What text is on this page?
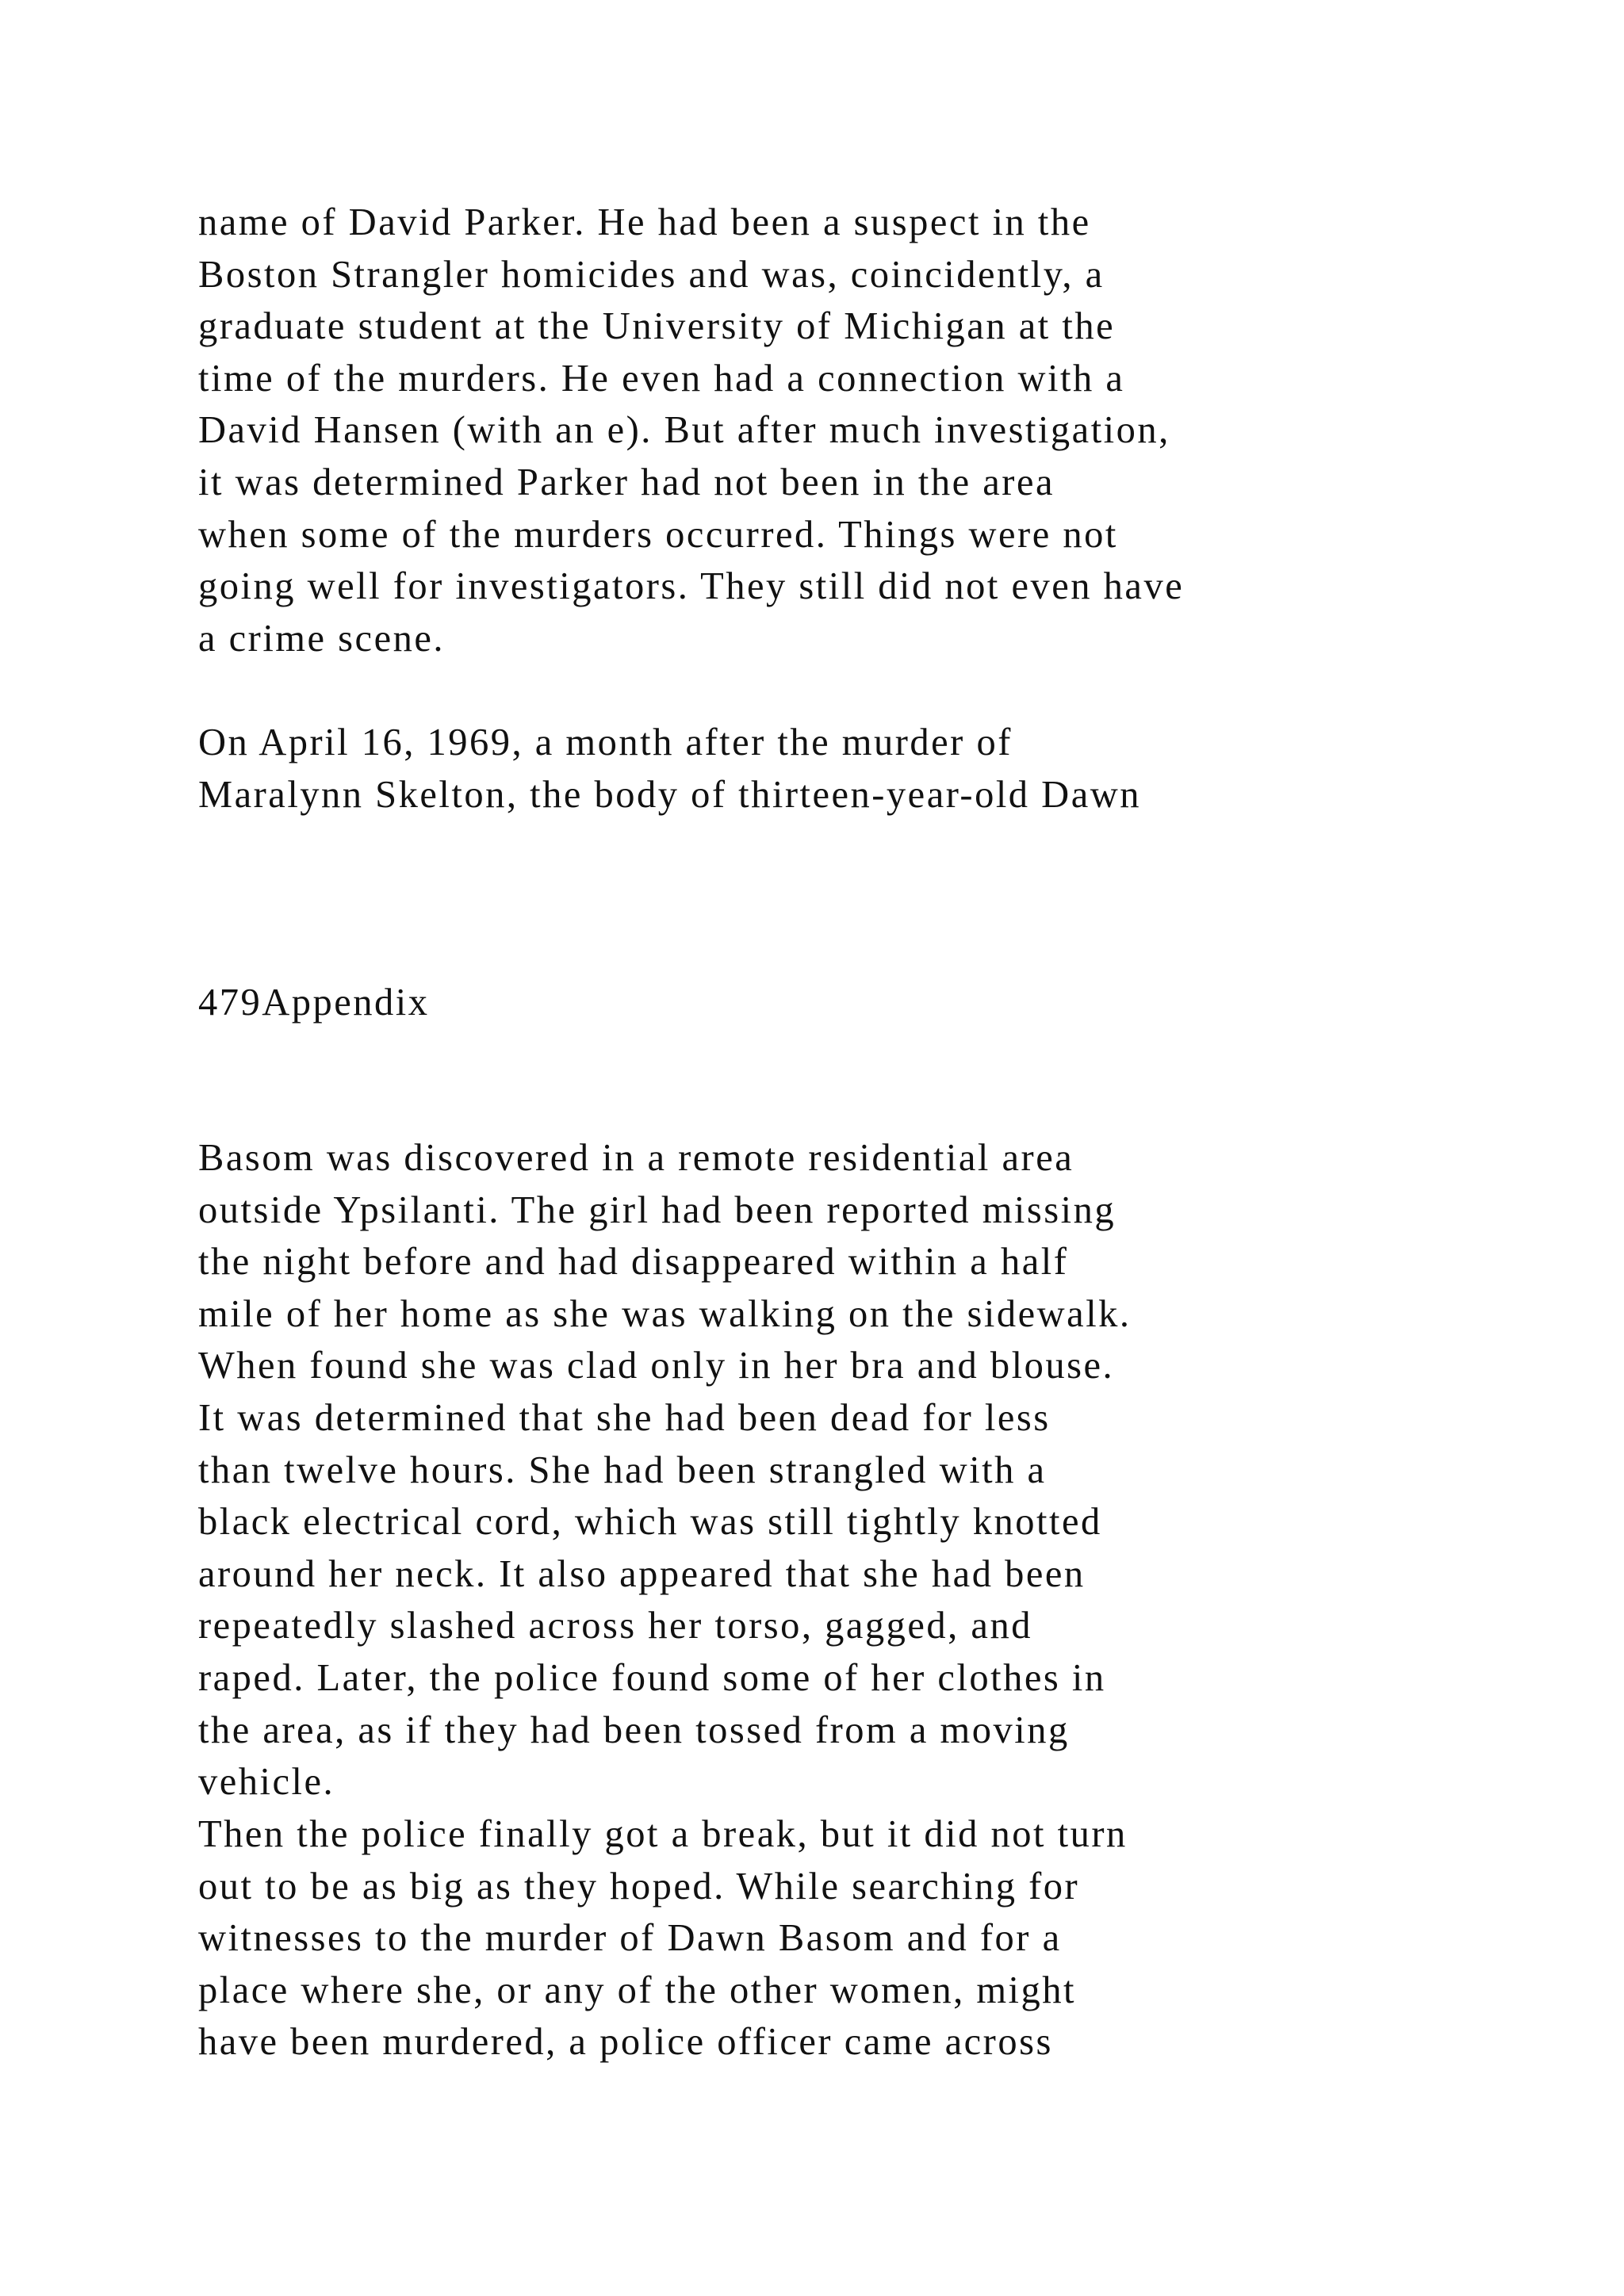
name of David Parker. He had been a suspect in the
Boston Strangler homicides and was, coincidently, a
graduate student at the University of Michigan at the
time of the murders. He even had a connection with a
David Hansen (with an e). But after much investigation,
it was determined Parker had not been in the area
when some of the murders occurred. Things were not
going well for investigators. They still did not even have
a crime scene.

On April 16, 1969, a month after the murder of
Maralynn Skelton, the body of thirteen-year-old Dawn

479Appendix

Basom was discovered in a remote residential area
outside Ypsilanti. The girl had been reported missing
the night before and had disappeared within a half
mile of her home as she was walking on the sidewalk.
When found she was clad only in her bra and blouse.
It was determined that she had been dead for less
than twelve hours. She had been strangled with a
black electrical cord, which was still tightly knotted
around her neck. It also appeared that she had been
repeatedly slashed across her torso, gagged, and
raped. Later, the police found some of her clothes in
the area, as if they had been tossed from a moving
vehicle.

Then the police finally got a break, but it did not turn
out to be as big as they hoped. While searching for
witnesses to the murder of Dawn Basom and for a
place where she, or any of the other women, might
have been murdered, a police officer came across
